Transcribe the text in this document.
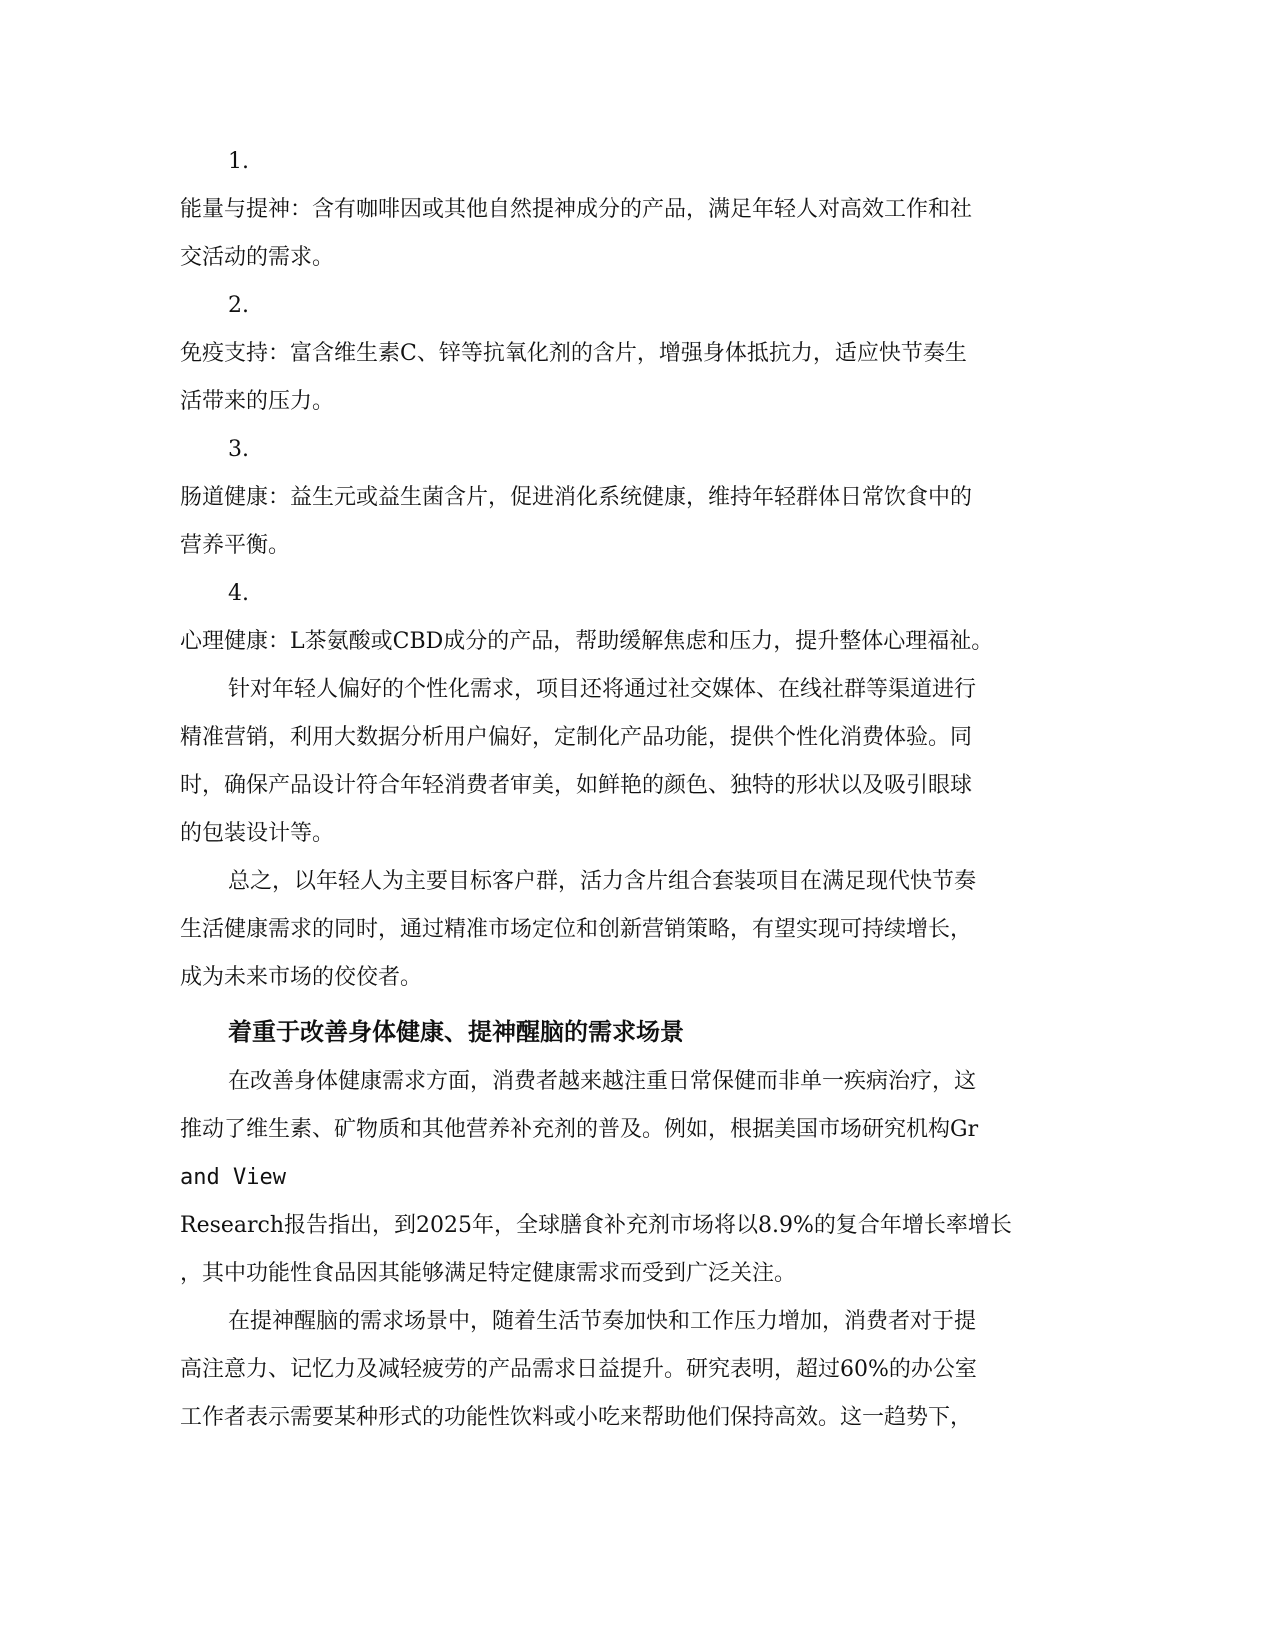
1.

能量与提神：含有咖啡因或其他自然提神成分的产品，满足年轻人对高效工作和社

交活动的需求。

2.

免疫支持：富含维生素C、锌等抗氧化剂的含片，增强身体抵抗力，适应快节奏生

活带来的压力。

3.

肠道健康：益生元或益生菌含片，促进消化系统健康，维持年轻群体日常饮食中的

营养平衡。

4.

心理健康：L茶氨酸或CBD成分的产品，帮助缓解焦虑和压力，提升整体心理福祉。

针对年轻人偏好的个性化需求，项目还将通过社交媒体、在线社群等渠道进行

精准营销，利用大数据分析用户偏好，定制化产品功能，提供个性化消费体验。同

时，确保产品设计符合年轻消费者审美，如鲜艳的颜色、独特的形状以及吸引眼球

的包装设计等。

总之，以年轻人为主要目标客户群，活力含片组合套装项目在满足现代快节奏

生活健康需求的同时，通过精准市场定位和创新营销策略，有望实现可持续增长，

成为未来市场的佼佼者。

着重于改善身体健康、提神醒脑的需求场景

在改善身体健康需求方面，消费者越来越注重日常保健而非单一疾病治疗，这

推动了维生素、矿物质和其他营养补充剂的普及。例如，根据美国市场研究机构Gr

and View

Research报告指出，到2025年，全球膳食补充剂市场将以8.9%的复合年增长率增长

，其中功能性食品因其能够满足特定健康需求而受到广泛关注。

在提神醒脑的需求场景中，随着生活节奏加快和工作压力增加，消费者对于提

高注意力、记忆力及减轻疲劳的产品需求日益提升。研究表明，超过60%的办公室

工作者表示需要某种形式的功能性饮料或小吃来帮助他们保持高效。这一趋势下，
